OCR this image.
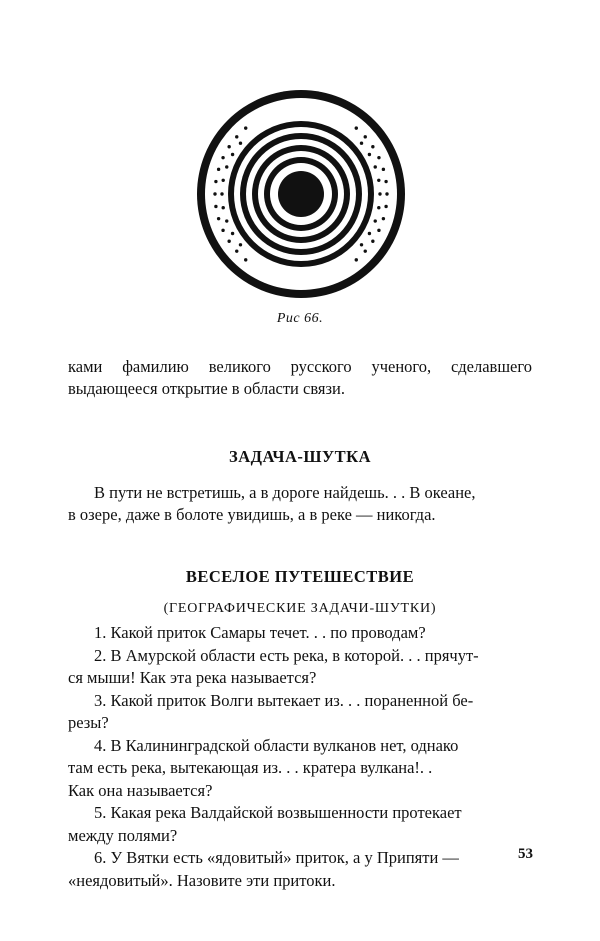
Рис 66.
ками фамилию великого русского ученого, сделавшего
выдающееся открытие в области связи.
ЗАДАЧА-ШУТКА
В пути не встретишь, а в дороге найдешь. . . В океане,
в озере, даже в болоте увидишь, а в реке — никогда.
ВЕСЕЛОЕ ПУТЕШЕСТВИЕ
(ГЕОГРАФИЧЕСКИЕ ЗАДАЧИ-ШУТКИ)
1. Какой приток Самары течет. . . по проводам?
2. В Амурской области есть река, в которой. . . прячут-
ся мыши! Как эта река называется?
3. Какой приток Волги вытекает из. . . пораненной бе-
резы?
4. В Калининградской области вулканов нет, однако
там есть река, вытекающая из. . . кратера вулкана!. .
Как она называется?
5. Какая река Валдайской возвышенности протекает
между полями?
6. У Вятки есть «ядовитый» приток, а у Припяти —
«неядовитый». Назовите эти притоки.
53
